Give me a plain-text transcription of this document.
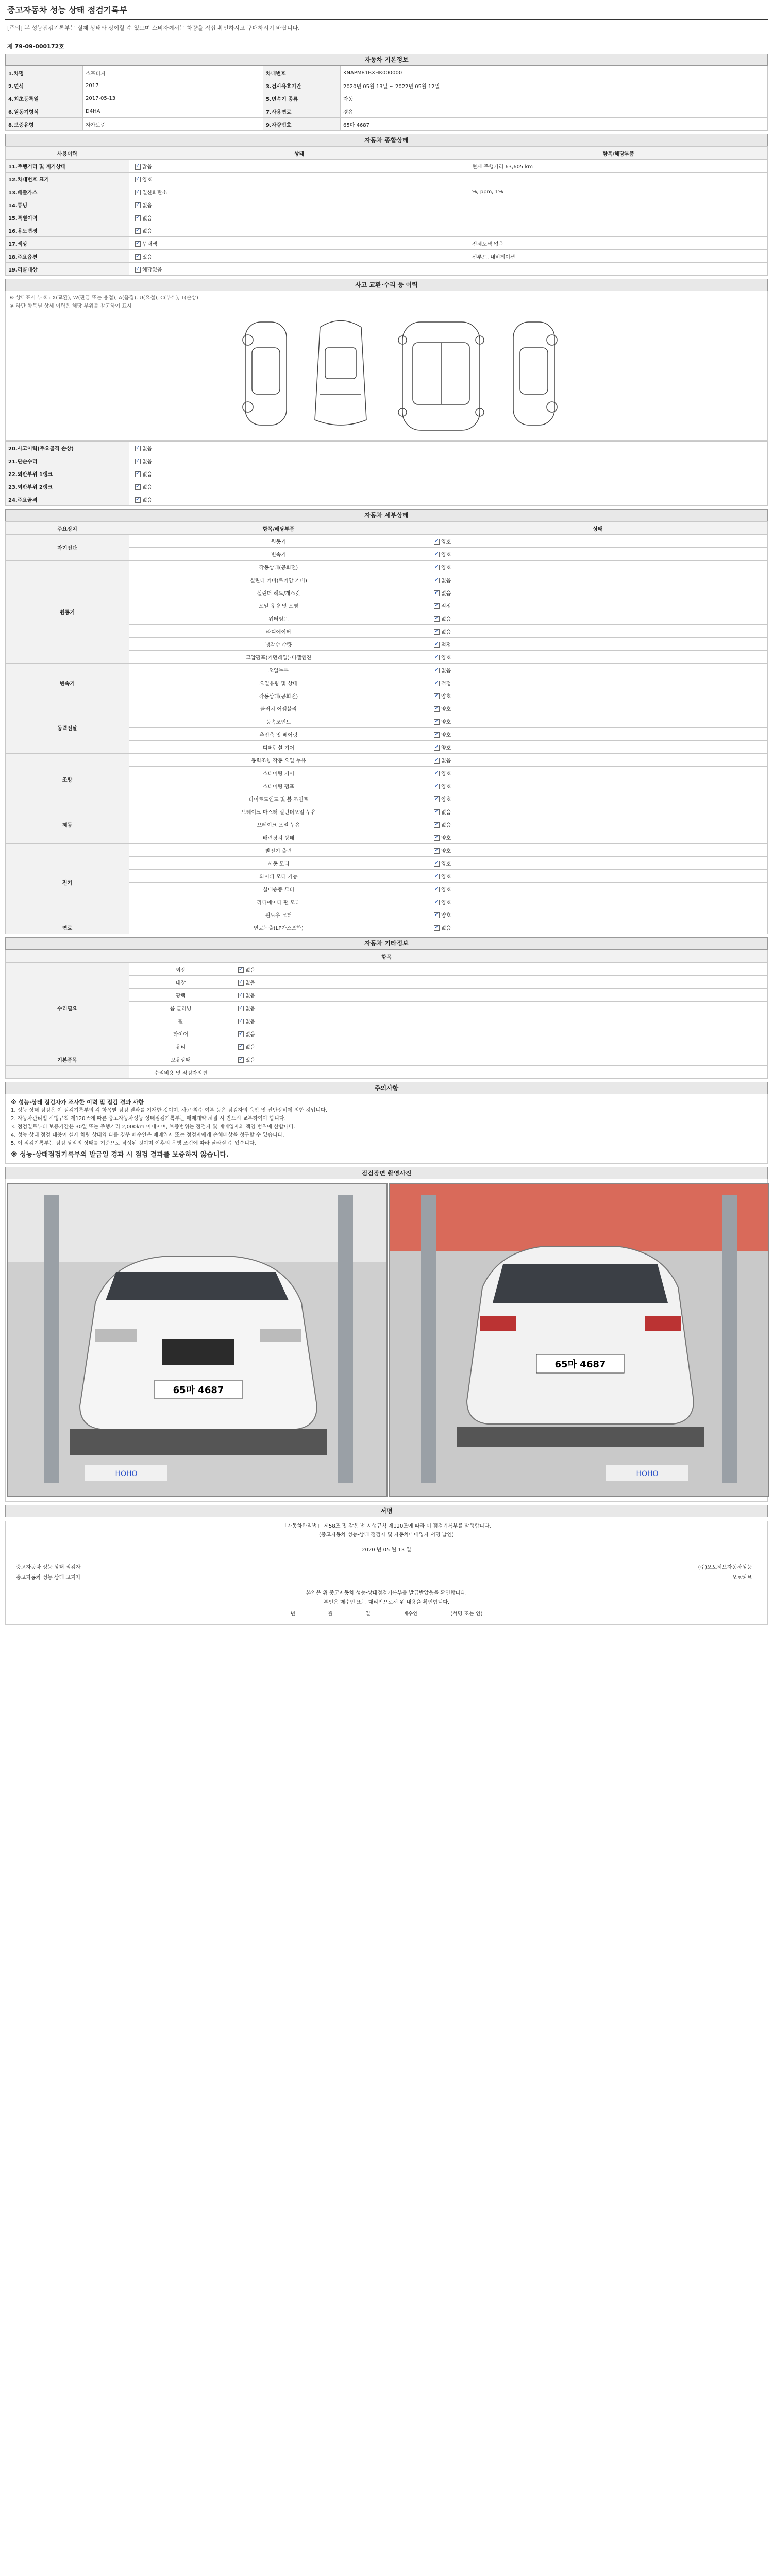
중고자동차 성능 상태 점검기록부
[주의] 본 성능점검기록부는 실제 상태와 상이할 수 있으며 소비자께서는 차량을 직접 확인하시고 구매하시기 바랍니다.
제 79-09-000172호
자동차 기본정보
1.차명	스포티지	차대번호	KNAPM81BXHK000000
2.연식	2017	3.검사유효기간	2020년 05월 13일 ~ 2022년 05월 12일
4.최초등록일	2017-05-13	5.변속기 종류	자동
6.원동기형식	D4HA	7.사용연료	경유
8.보증유형	자가보증	9.차량번호	65마 4687
자동차 종합상태
사용이력	상태	항목/해당부품
11.주행거리 및 계기상태	✓많음	현재 주행거리 63,605 km
12.차대번호 표기	✓양호	
13.배출가스	✓일산화탄소	%, ppm, 1%
14.튜닝	✓없음	
15.특별이력	✓없음	
16.용도변경	✓없음	
17.색상	✓무채색	전체도색 없음
18.주요옵션	✓있음	선루프, 내비게이션
19.리콜대상	✓해당없음	
사고 교환·수리 등 이력
※ 상태표시 부호 : X(교환), W(판금 또는 용접), A(흠집), U(요철), C(부식), T(손상)
※ 하단 항목별 상세 이력은 해당 부위를 참고하여 표시
20.사고이력(주요골격 손상)	✓없음
21.단순수리	✓없음
22.외판부위 1랭크	✓없음
23.외판부위 2랭크	✓없음
24.주요골격	✓없음
자동차 세부상태
주요장치	항목/해당부품	상태
자기진단	원동기	✓양호
	변속기	✓양호
원동기	작동상태(공회전)	✓양호
	실린더 커버(로커암 커버)	✓없음
	실린더 헤드/개스킷	✓없음
	오일 유량 및 오염	✓적정
	워터펌프	✓없음
	라디에이터	✓없음
	냉각수 수량	✓적정
	고압펌프(커먼레일)-디젤엔진	✓양호
변속기	오일누유	✓없음
	오일유량 및 상태	✓적정
	작동상태(공회전)	✓양호
동력전달	클러치 어셈블리	✓양호
	등속조인트	✓양호
	추진축 및 베어링	✓양호
	디퍼렌셜 기어	✓양호
조향	동력조향 작동 오일 누유	✓없음
	스티어링 기어	✓양호
	스티어링 펌프	✓양호
	타이로드엔드 및 볼 조인트	✓양호
제동	브레이크 마스터 실린더오일 누유	✓없음
	브레이크 오일 누유	✓없음
	배력장치 상태	✓양호
전기	발전기 출력	✓양호
	시동 모터	✓양호
	와이퍼 모터 기능	✓양호
	실내송풍 모터	✓양호
	라디에이터 팬 모터	✓양호
	윈도우 모터	✓양호
연료	연료누출(LP가스포함)	✓없음
자동차 기타정보
항목		
수리필요	외장	✓없음
	내장	✓없음
	광택	✓없음
	룸 클리닝	✓없음
	휠	✓없음
	타이어	✓없음
	유리	✓없음
기본품목	보유상태	✓있음
	수리비용 및 점검자의견	
주의사항
※ 성능·상태 점검자가 조사한 이력 및 점검 결과 사항
1. 성능·상태 점검은 이 점검기록부의 각 항목별 점검 결과를 기재한 것이며, 사고·침수 여부 등은 점검자의 육안 및 진단장비에 의한 것입니다.
2. 자동차관리법 시행규칙 제120조에 따른 중고자동차성능·상태점검기록부는 매매계약 체결 시 반드시 교부하여야 합니다.
3. 점검일로부터 보증기간은 30일 또는 주행거리 2,000km 이내이며, 보증범위는 점검자 및 매매업자의 책임 범위에 한합니다.
4. 성능·상태 점검 내용이 실제 차량 상태와 다를 경우 매수인은 매매업자 또는 점검자에게 손해배상을 청구할 수 있습니다.
5. 이 점검기록부는 점검 당일의 상태를 기준으로 작성된 것이며 이후의 운행 조건에 따라 달라질 수 있습니다.
※ 성능·상태점검기록부의 발급일 경과 시 점검 결과를 보증하지 않습니다.
점검장면 촬영사진
65마 4687
HOHO
65마 4687
HOHO
서명
「자동차관리법」 제58조 및 같은 법 시행규칙 제120조에 따라 이 점검기록부를 발행합니다.
(중고자동차 성능·상태 점검자 및 자동차매매업자 서명 날인)
2020 년 05 월 13 일
중고자동차 성능 상태 점검자	(주)오토허브자동차성능
중고자동차 성능 상태 고지자	오토허브
본인은 위 중고자동차 성능·상태점검기록부를 발급받았음을 확인합니다.
본인은 매수인 또는 대리인으로서 위 내용을 확인합니다.
년	월	일	매수인	(서명 또는 인)
